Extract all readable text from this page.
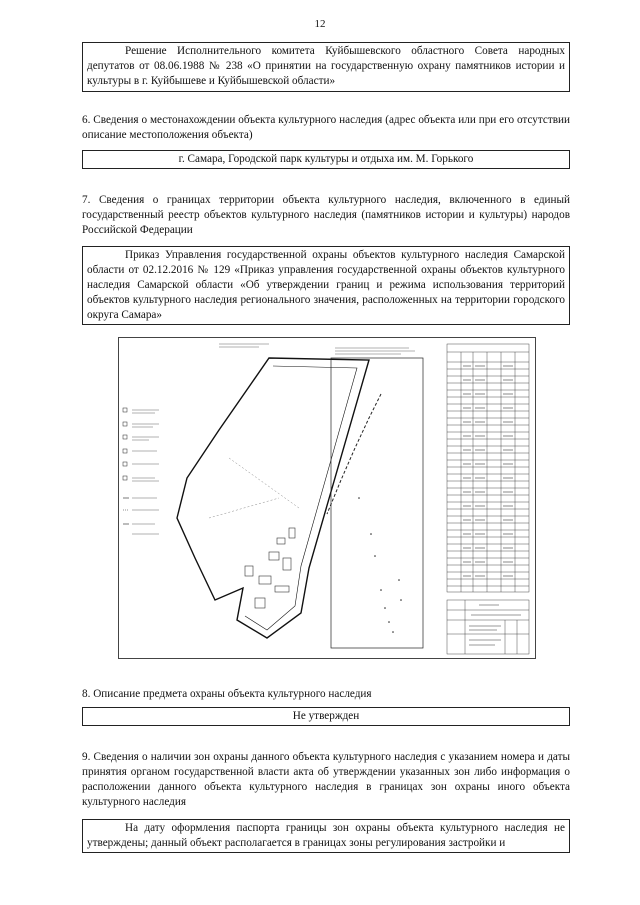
12
Решение Исполнительного комитета Куйбышевского областного Совета народных депутатов от 08.06.1988 № 238 «О принятии на государственную охрану памятников истории и культуры в г. Куйбышеве и Куйбышевской области»
6. Сведения о местонахождении объекта культурного наследия (адрес объекта или при его отсутствии описание местоположения объекта)
г. Самара, Городской парк культуры и отдыха им. М. Горького
7. Сведения о границах территории объекта культурного наследия, включенного в единый государственный реестр объектов культурного наследия (памятников истории и культуры) народов Российской Федерации
Приказ Управления государственной охраны объектов культурного наследия Самарской области от 02.12.2016 № 129 «Приказ управления государственной охраны объектов культурного наследия Самарской области «Об утверждении границ и режима использования территорий объектов культурного наследия регионального значения, расположенных на территории городского округа Самара»
8. Описание предмета охраны объекта культурного наследия
Не утвержден
9. Сведения о наличии зон охраны данного объекта культурного наследия с указанием номера и даты принятия органом государственной власти акта об утверждении указанных зон либо информация о расположении данного объекта культурного наследия в границах зон охраны иного объекта культурного наследия
На дату оформления паспорта границы зон охраны объекта культурного наследия не утверждены; данный объект располагается в границах зоны регулирования застройки и
